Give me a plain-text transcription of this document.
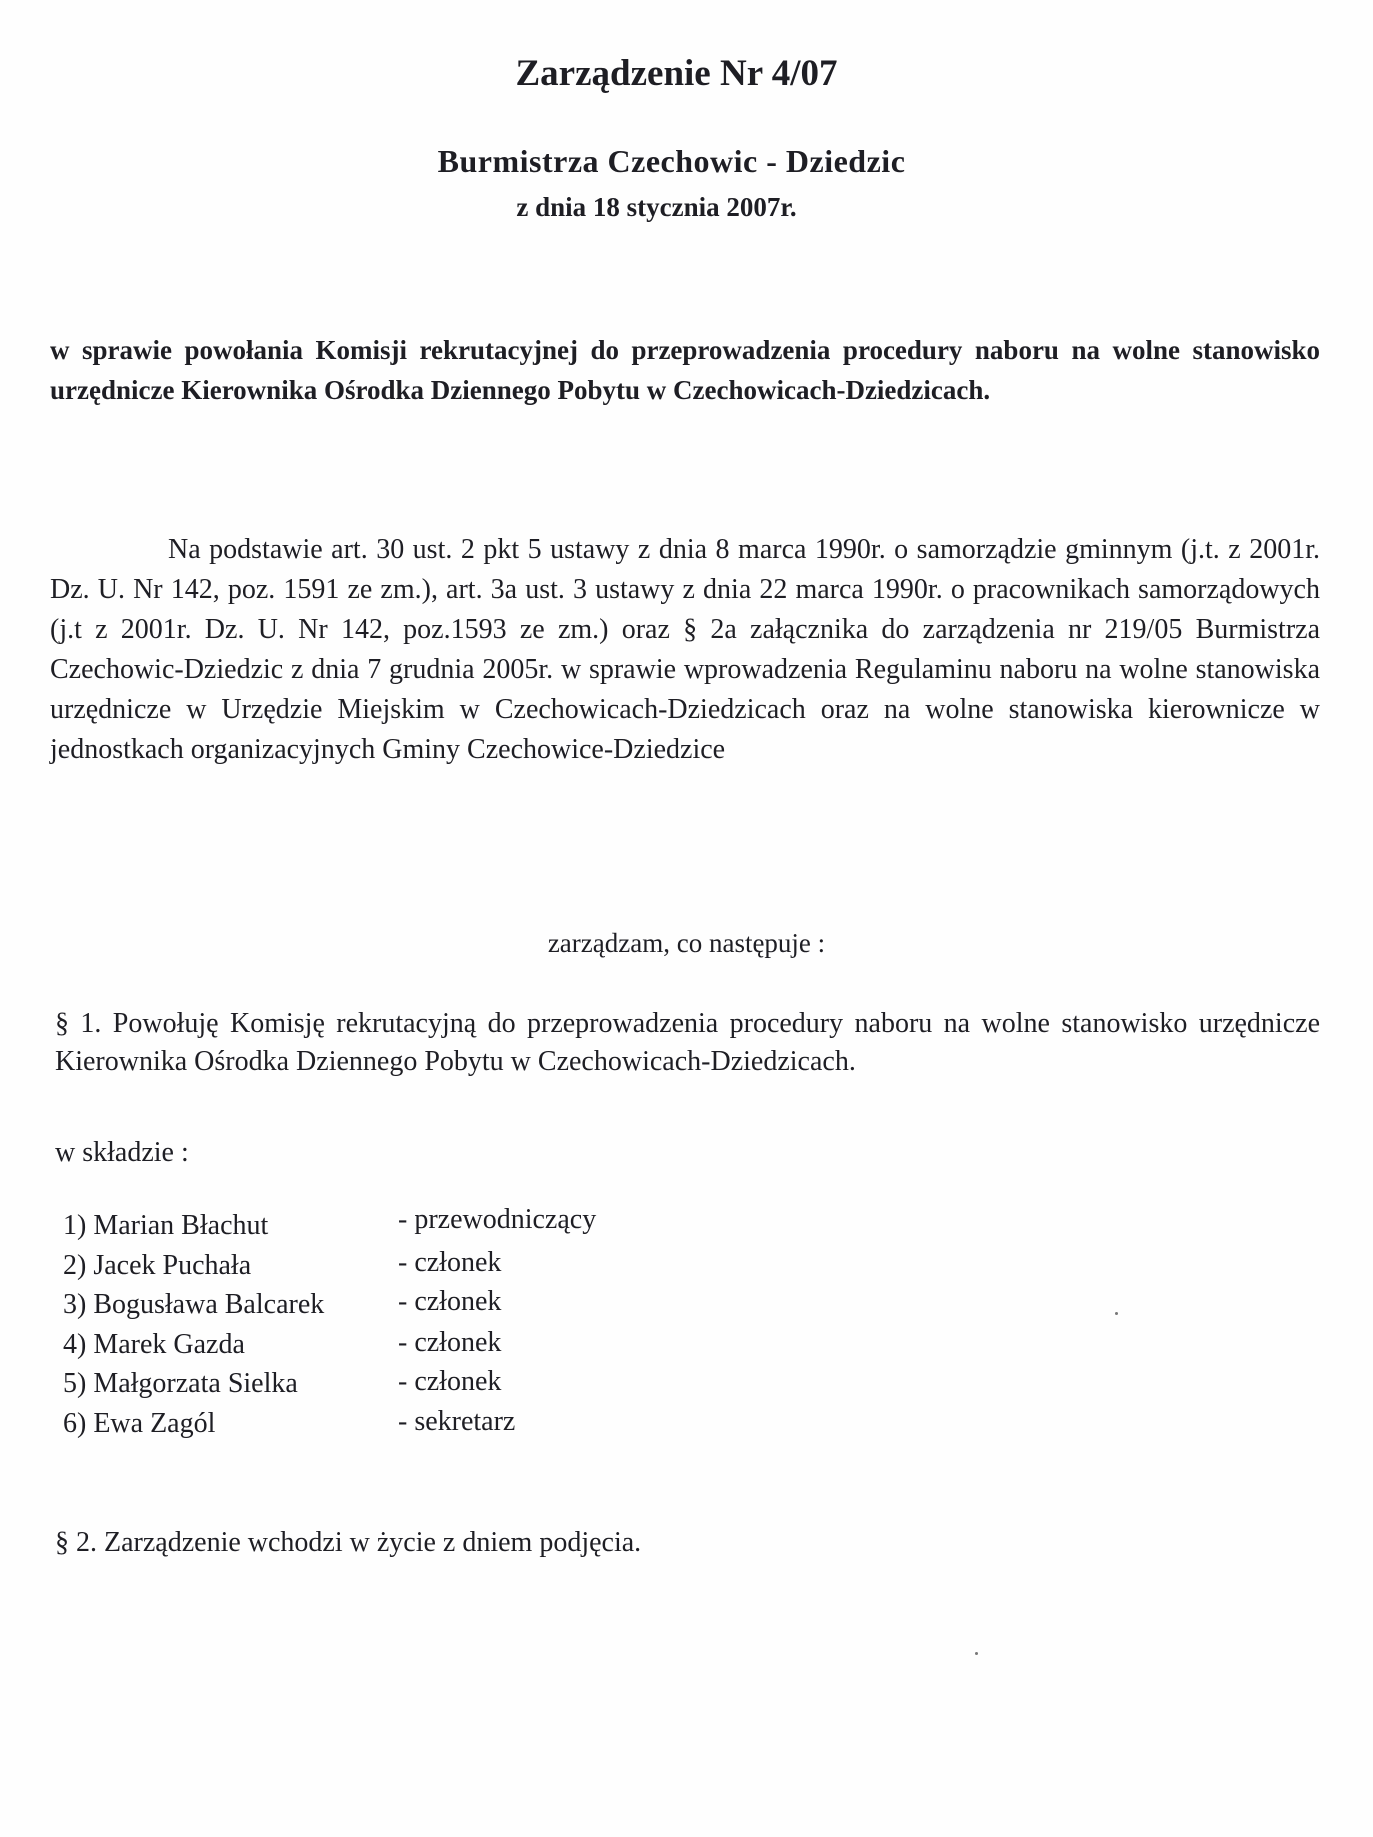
Zarządzenie Nr 4/07
Burmistrza Czechowic - Dziedzic
z dnia 18 stycznia 2007r.
w sprawie powołania Komisji rekrutacyjnej do przeprowadzenia procedury naboru na wolne stanowisko urzędnicze Kierownika Ośrodka Dziennego Pobytu w Czechowicach-Dziedzicach.
Na podstawie art. 30 ust. 2 pkt 5 ustawy z dnia 8 marca 1990r. o samorządzie gminnym (j.t. z 2001r. Dz. U. Nr 142, poz. 1591 ze zm.), art. 3a ust. 3 ustawy z dnia 22 marca 1990r. o pracownikach samorządowych (j.t z 2001r. Dz. U. Nr 142, poz.1593 ze zm.) oraz § 2a załącznika do zarządzenia nr 219/05 Burmistrza Czechowic-Dziedzic z dnia 7 grudnia 2005r. w sprawie wprowadzenia Regulaminu naboru na wolne stanowiska urzędnicze w Urzędzie Miejskim w Czechowicach-Dziedzicach oraz na wolne stanowiska kierownicze w jednostkach organizacyjnych Gminy Czechowice-Dziedzice
zarządzam, co następuje :
§ 1. Powołuję Komisję rekrutacyjną do przeprowadzenia procedury naboru na wolne stanowisko urzędnicze Kierownika Ośrodka Dziennego Pobytu w Czechowicach-Dziedzicach.
w składzie :
1) Marian Błachut	- przewodniczący
2) Jacek Puchała	- członek
3) Bogusława Balcarek	- członek
4) Marek Gazda	- członek
5) Małgorzata Sielka	- członek
6) Ewa Zagól	- sekretarz
§ 2. Zarządzenie wchodzi w życie z dniem podjęcia.
